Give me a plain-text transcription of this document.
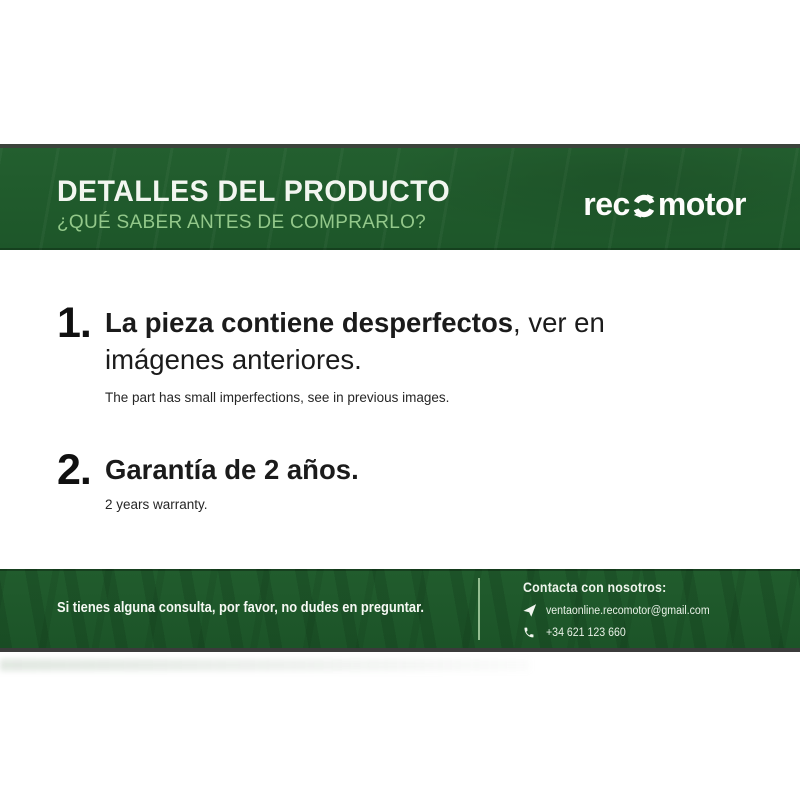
DETALLES DEL PRODUCTO
¿QUÉ SABER ANTES DE COMPRARLO?
rec motor
1. La pieza contiene desperfectos, ver en
imágenes anteriores.
The part has small imperfections, see in previous images.
2. Garantía de 2 años.
2 years warranty.
Si tienes alguna consulta, por favor, no dudes en preguntar.
Contacta con nosotros:
ventaonline.recomotor@gmail.com
+34 621 123 660
